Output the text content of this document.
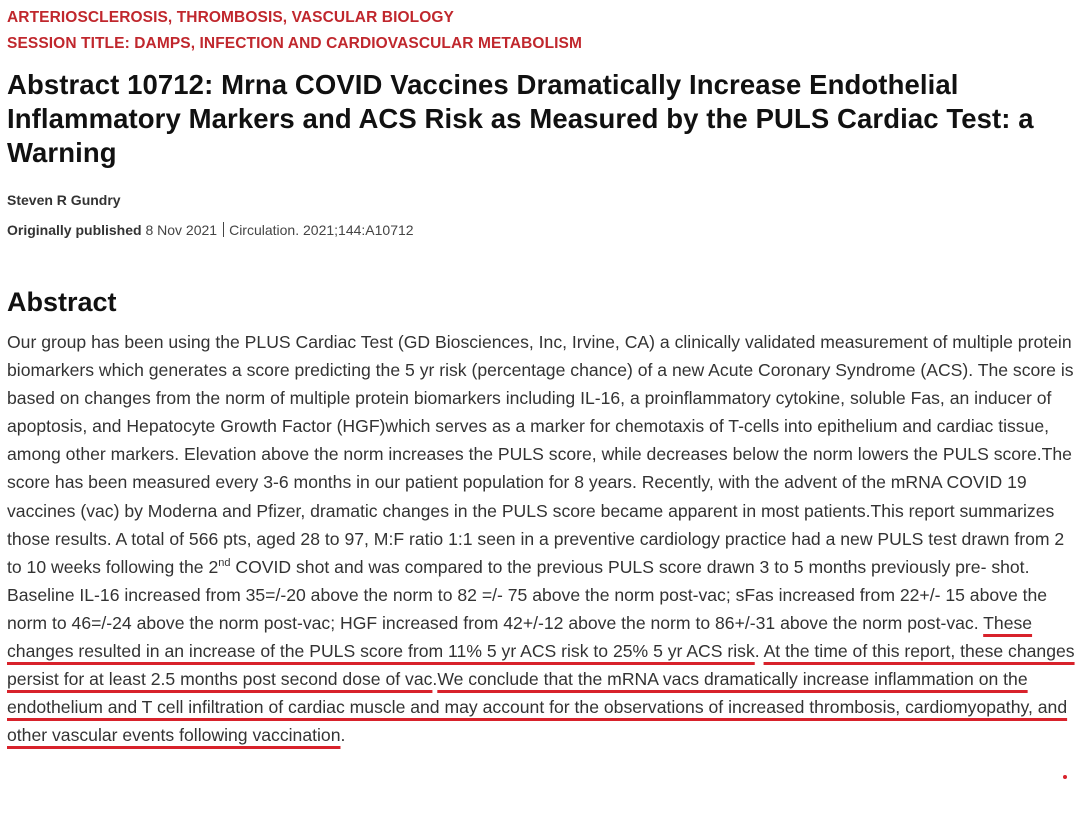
ARTERIOSCLEROSIS, THROMBOSIS, VASCULAR BIOLOGY
SESSION TITLE: DAMPS, INFECTION AND CARDIOVASCULAR METABOLISM
Abstract 10712: Mrna COVID Vaccines Dramatically Increase Endothelial Inflammatory Markers and ACS Risk as Measured by the PULS Cardiac Test: a Warning
Steven R Gundry
Originally published 8 Nov 2021 Circulation. 2021;144:A10712
Abstract

Our group has been using the PLUS Cardiac Test (GD Biosciences, Inc, Irvine, CA) a clinically validated measurement of multiple protein biomarkers which generates a score predicting the 5 yr risk (percentage chance) of a new Acute Coronary Syndrome (ACS). The score is based on changes from the norm of multiple protein biomarkers including IL-16, a proinflammatory cytokine, soluble Fas, an inducer of apoptosis, and Hepatocyte Growth Factor (HGF)which serves as a marker for chemotaxis of T-cells into epithelium and cardiac tissue, among other markers. Elevation above the norm increases the PULS score, while decreases below the norm lowers the PULS score.The score has been measured every 3-6 months in our patient population for 8 years. Recently, with the advent of the mRNA COVID 19 vaccines (vac) by Moderna and Pfizer, dramatic changes in the PULS score became apparent in most patients.This report summarizes those results. A total of 566 pts, aged 28 to 97, M:F ratio 1:1 seen in a preventive cardiology practice had a new PULS test drawn from 2 to 10 weeks following the 2nd COVID shot and was compared to the previous PULS score drawn 3 to 5 months previously pre- shot. Baseline IL-16 increased from 35=/-20 above the norm to 82 =/- 75 above the norm post-vac; sFas increased from 22+/- 15 above the norm to 46=/-24 above the norm post-vac; HGF increased from 42+/-12 above the norm to 86+/-31 above the norm post-vac. These changes resulted in an increase of the PULS score from 11% 5 yr ACS risk to 25% 5 yr ACS risk. At the time of this report, these changes persist for at least 2.5 months post second dose of vac.We conclude that the mRNA vacs dramatically increase inflammation on the endothelium and T cell infiltration of cardiac muscle and may account for the observations of increased thrombosis, cardiomyopathy, and other vascular events following vaccination.
